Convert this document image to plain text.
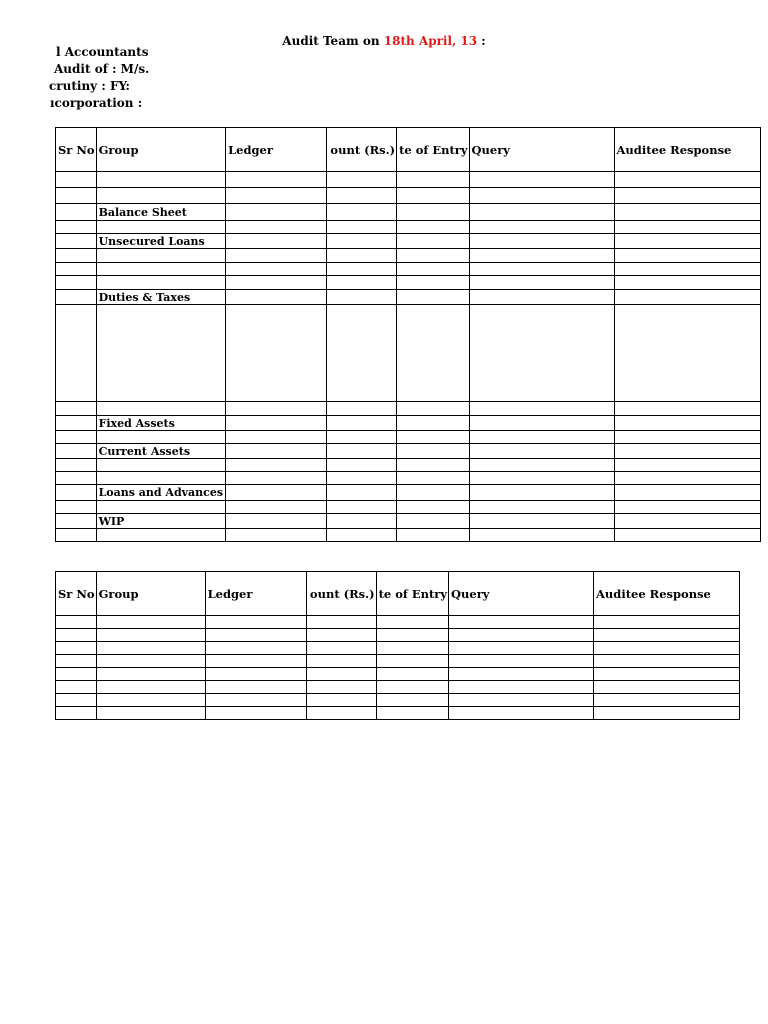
Audit Team on 18th April, 13 :
l Accountants
Audit of : M/s.
crutiny : FY:
ıcorporation :
Sr No	Group	Ledger	ount (Rs.)	te of Entry	Query	Auditee Response

	Balance Sheet					

	Unsecured Loans					

	Duties & Taxes					

	Fixed Assets					

	Current Assets					

	Loans and Advances					

	WIP					

Sr No	Group	Ledger	ount (Rs.)	te of Entry	Query	Auditee Response
